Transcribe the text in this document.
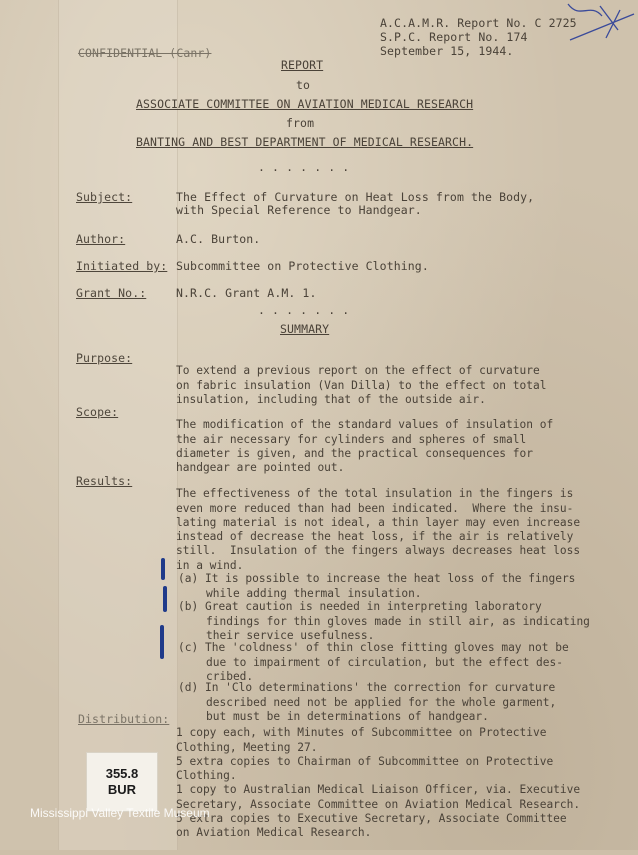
A.C.A.M.R. Report No. C 2725
S.P.C. Report No. 174
September 15, 1944.
CONFIDENTIAL (Canr)
REPORT
to
ASSOCIATE COMMITTEE ON AVIATION MEDICAL RESEARCH
from
BANTING AND BEST DEPARTMENT OF MEDICAL RESEARCH.
. . . . . . .
Subject:	The Effect of Curvature on Heat Loss from the Body,
with Special Reference to Handgear.
Author:	A.C. Burton.
Initiated by: Subcommittee on Protective Clothing.
Grant No.:	N.R.C. Grant A.M. 1.
. . . . . . .
SUMMARY
Purpose:

To extend a previous report on the effect of curvature
on fabric insulation (Van Dilla) to the effect on total
insulation, including that of the outside air.

Scope:

The modification of the standard values of insulation of
the air necessary for cylinders and spheres of small
diameter is given, and the practical consequences for
handgear are pointed out.

Results:

The effectiveness of the total insulation in the fingers is
even more reduced than had been indicated.  Where the insu-
lating material is not ideal, a thin layer may even increase
instead of decrease the heat loss, if the air is relatively
still.  Insulation of the fingers always decreases heat loss
in a wind.

(a) It is possible to increase the heat loss of the fingers

while adding thermal insulation.

(b) Great caution is needed in interpreting laboratory

findings for thin gloves made in still air, as indicating
their service usefulness.

(c) The 'coldness' of thin close fitting gloves may not be

due to impairment of circulation, but the effect des-
cribed.

(d) In 'Clo determinations' the correction for curvature

described need not be applied for the whole garment,
but must be in determinations of handgear.

Distribution:

1 copy each, with Minutes of Subcommittee on Protective
Clothing, Meeting 27.
5 extra copies to Chairman of Subcommittee on Protective
Clothing.
1 copy to Australian Medical Liaison Officer, via. Executive
Secretary, Associate Committee on Aviation Medical Research.
5 extra copies to Executive Secretary, Associate Committee
on Aviation Medical Research.

355.8
BUR
Mississippi Valley Textile Museum
